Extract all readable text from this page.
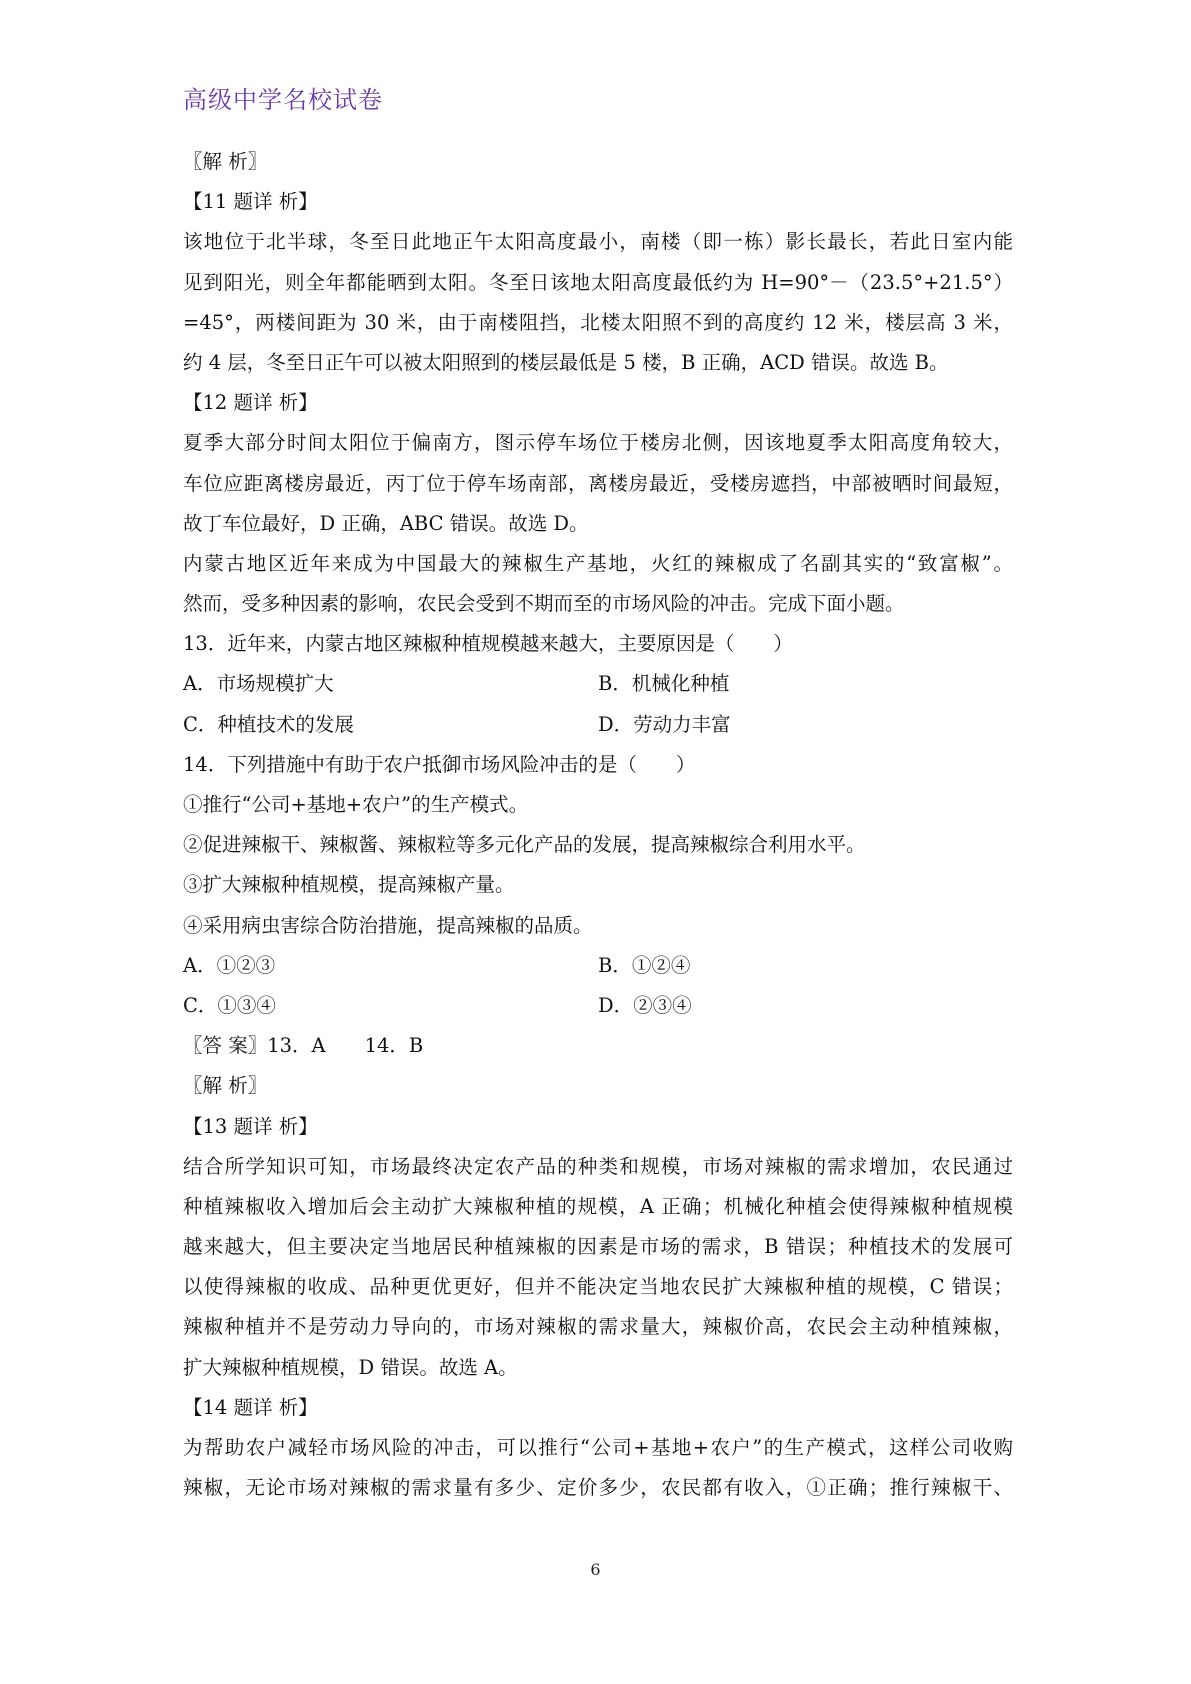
高级中学名校试卷
〖解 析〗
【11 题详 析】
该地位于北半球，冬至日此地正午太阳高度最小，南楼（即一栋）影长最长，若此日室内能
见到阳光，则全年都能晒到太阳。冬至日该地太阳高度最低约为 H=90°－（23.5°+21.5°）
=45°，两楼间距为 30 米，由于南楼阻挡，北楼太阳照不到的高度约 12 米，楼层高 3 米，
约 4 层，冬至日正午可以被太阳照到的楼层最低是 5 楼，B 正确，ACD 错误。故选 B。
【12 题详 析】
夏季大部分时间太阳位于偏南方，图示停车场位于楼房北侧，因该地夏季太阳高度角较大，
车位应距离楼房最近，丙丁位于停车场南部，离楼房最近，受楼房遮挡，中部被晒时间最短，
故丁车位最好，D 正确，ABC 错误。故选 D。
内蒙古地区近年来成为中国最大的辣椒生产基地，火红的辣椒成了名副其实的“致富椒”。
然而，受多种因素的影响，农民会受到不期而至的市场风险的冲击。完成下面小题。
13．近年来，内蒙古地区辣椒种植规模越来越大，主要原因是（　　）
A．市场规模扩大	B．机械化种植
C．种植技术的发展	D．劳动力丰富
14．下列措施中有助于农户抵御市场风险冲击的是（　　）
①推行“公司+基地+农户”的生产模式。
②促进辣椒干、辣椒酱、辣椒粒等多元化产品的发展，提高辣椒综合利用水平。
③扩大辣椒种植规模，提高辣椒产量。
④采用病虫害综合防治措施，提高辣椒的品质。
A．①②③	B．①②④
C．①③④	D．②③④
〖答 案〗13．A　　14．B
〖解 析〗
【13 题详 析】
结合所学知识可知，市场最终决定农产品的种类和规模，市场对辣椒的需求增加，农民通过
种植辣椒收入增加后会主动扩大辣椒种植的规模，A 正确；机械化种植会使得辣椒种植规模
越来越大，但主要决定当地居民种植辣椒的因素是市场的需求，B 错误；种植技术的发展可
以使得辣椒的收成、品种更优更好，但并不能决定当地农民扩大辣椒种植的规模，C 错误；
辣椒种植并不是劳动力导向的，市场对辣椒的需求量大，辣椒价高，农民会主动种植辣椒，
扩大辣椒种植规模，D 错误。故选 A。
【14 题详 析】
为帮助农户减轻市场风险的冲击，可以推行“公司+基地+农户”的生产模式，这样公司收购
辣椒，无论市场对辣椒的需求量有多少、定价多少，农民都有收入，①正确；推行辣椒干、
6
